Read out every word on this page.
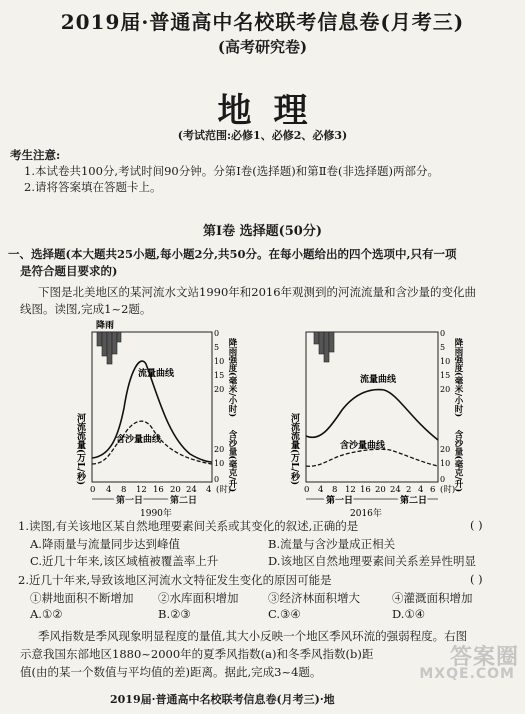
2019届·普通高中名校联考信息卷(月考三)
(高考研究卷)
地理
(考试范围:必修1、必修2、必修3)
考生注意:
1.本试卷共100分,考试时间90分钟。分第Ⅰ卷(选择题)和第Ⅱ卷(非选择题)两部分。
2.请将答案填在答题卡上。
第Ⅰ卷 选择题(50分)
一、选择题(本大题共25小题,每小题2分,共50分。在每小题给出的四个选项中,只有一项
是符合题目要求的)
下图是北美地区的某河流水文站1990年和2016年观测到的河流流量和含沙量的变化曲
线图。读图,完成1~2题。
降雨
流量曲线
含沙量曲线
河流流量(万L/秒)
降雨强度(毫米/小时)
含沙量(毫克/升)
0 4 8 12 16 20 24 4 (时)
第一日	第二日
1990年
0
5
10
15
20
20
10
0
流量曲线
含沙量曲线
河流流量(万L/秒)
降雨强度(毫米/小时)
含沙量(毫克/升)
0 4 8 12 16 20 24 2 4 6 (时)
第一日	第二日
2016年
0
5
10
15
20
20
10
0
1.读图,有关该地区某自然地理要素间关系或其变化的叙述,正确的是	( )
A.降雨量与流量同步达到峰值	B.流量与含沙量成正相关
C.近几十年来,该区域植被覆盖率上升	D.该地区自然地理要素间关系差异性明显
2.近几十年来,导致该地区河流水文特征发生变化的原因可能是	( )
①耕地面积不断增加 ②水库面积增加	③经济林面积增大	④灌溉面积增加
A.①②	B.②③	C.③④	D.①④
季风指数是季风现象明显程度的量值,其大小反映一个地区季风环流的强弱程度。右图
示意我国东部地区1880~2000年的夏季风指数(a)和冬季风指数(b)距
值(由的某一个数值与平均值的差)距离。据此,完成3~4题。
2019届·普通高中名校联考信息卷(月考三)·地
答案圈
MXQE.COM
